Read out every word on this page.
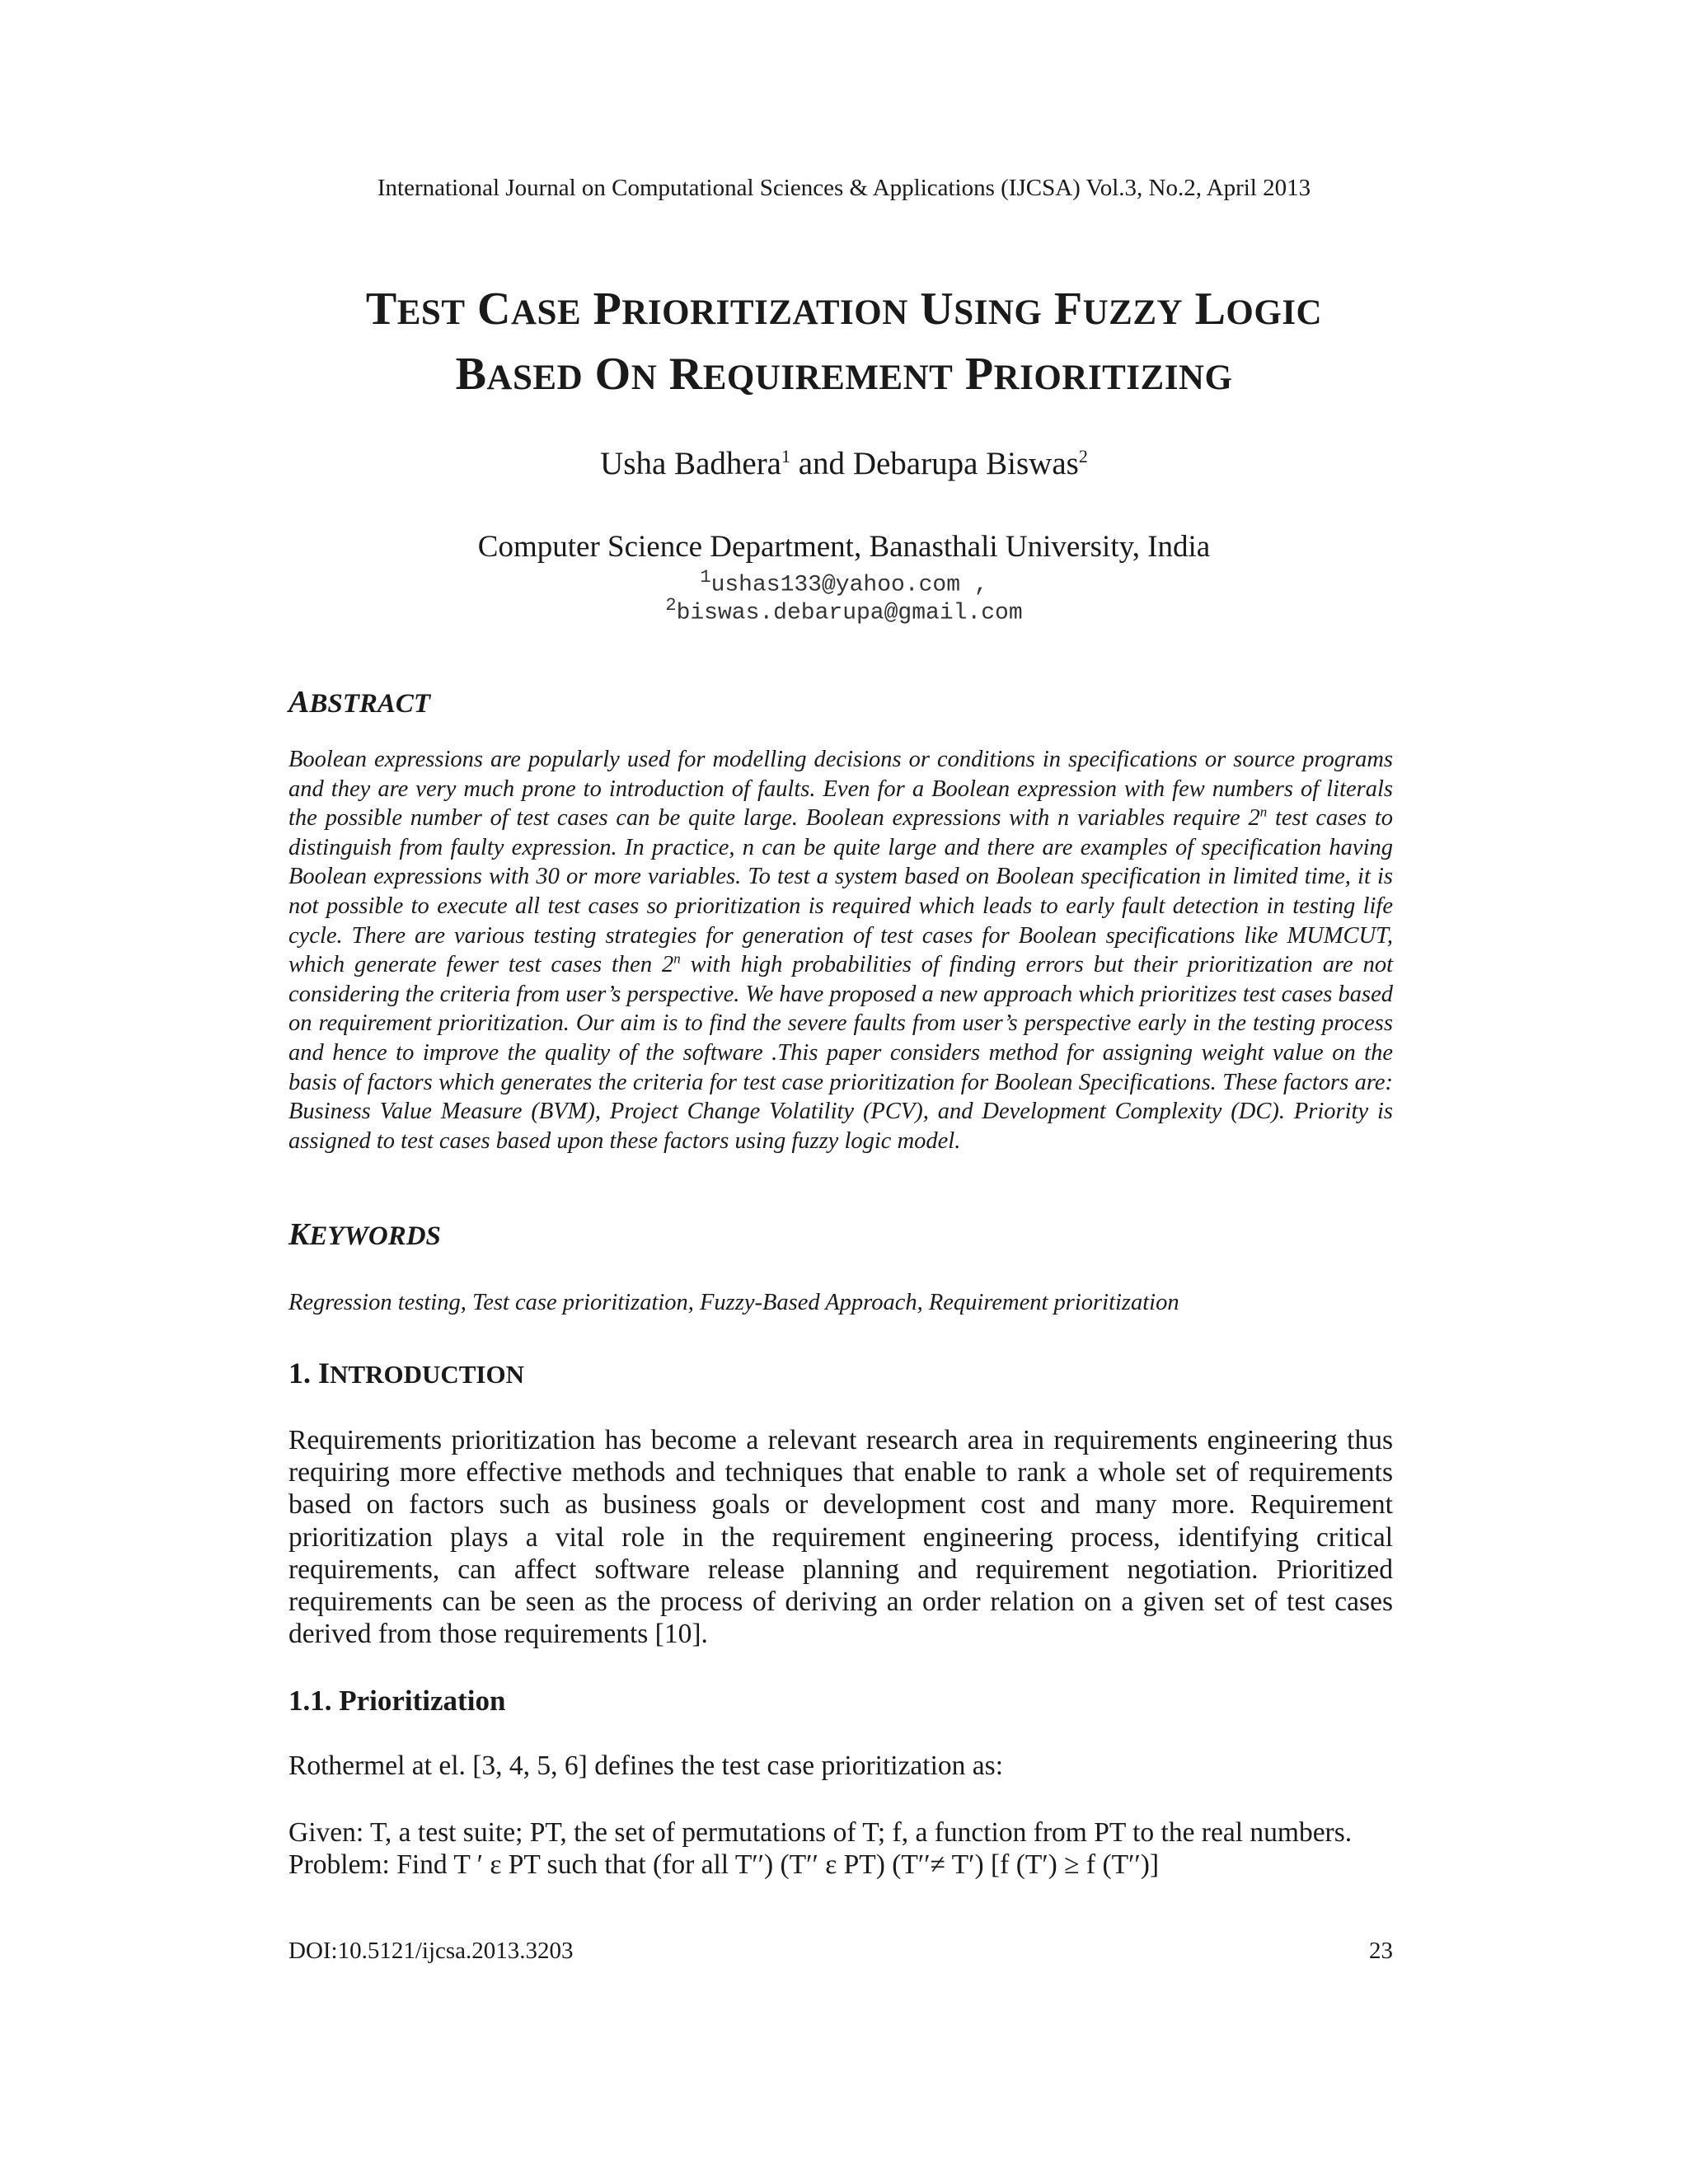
International Journal on Computational Sciences & Applications (IJCSA) Vol.3, No.2, April 2013
TEST CASE PRIORITIZATION USING FUZZY LOGIC
BASED ON REQUIREMENT PRIORITIZING
Usha Badhera$^1$ and Debarupa Biswas$^2$
Computer Science Department, Banasthali University, India
$^1$ushas133@yahoo.com ,
$^2$biswas.debarupa@gmail.com
ABSTRACT
Boolean expressions are popularly used for modelling decisions or conditions in specifications or source programs and they are very much prone to introduction of faults. Even for a Boolean expression with few numbers of literals the possible number of test cases can be quite large. Boolean expressions with n variables require 2$^n$ test cases to distinguish from faulty expression. In practice, n can be quite large and there are examples of specification having Boolean expressions with 30 or more variables. To test a system based on Boolean specification in limited time, it is not possible to execute all test cases so prioritization is required which leads to early fault detection in testing life cycle. There are various testing strategies for generation of test cases for Boolean specifications like MUMCUT, which generate fewer test cases then 2$^n$ with high probabilities of finding errors but their prioritization are not considering the criteria from user’s perspective. We have proposed a new approach which prioritizes test cases based on requirement prioritization. Our aim is to find the severe faults from user’s perspective early in the testing process and hence to improve the quality of the software .This paper considers method for assigning weight value on the basis of factors which generates the criteria for test case prioritization for Boolean Specifications. These factors are: Business Value Measure (BVM), Project Change Volatility (PCV), and Development Complexity (DC). Priority is assigned to test cases based upon these factors using fuzzy logic model.
KEYWORDS
Regression testing, Test case prioritization, Fuzzy-Based Approach, Requirement prioritization
1. INTRODUCTION
Requirements prioritization has become a relevant research area in requirements engineering thus requiring more effective methods and techniques that enable to rank a whole set of requirements based on factors such as business goals or development cost and many more. Requirement prioritization plays a vital role in the requirement engineering process, identifying critical requirements, can affect software release planning and requirement negotiation. Prioritized requirements can be seen as the process of deriving an order relation on a given set of test cases derived from those requirements [10].
1.1. Prioritization
Rothermel at el. [3, 4, 5, 6] defines the test case prioritization as:
Given: T, a test suite; PT, the set of permutations of T; f, a function from PT to the real numbers.
Problem: Find T ′ ε PT such that (for all T′′) (T′′ ε PT) (T′′≠ T′) [f (T′) ≥ f (T′′)]
DOI:10.5121/ijcsa.2013.3203	23
